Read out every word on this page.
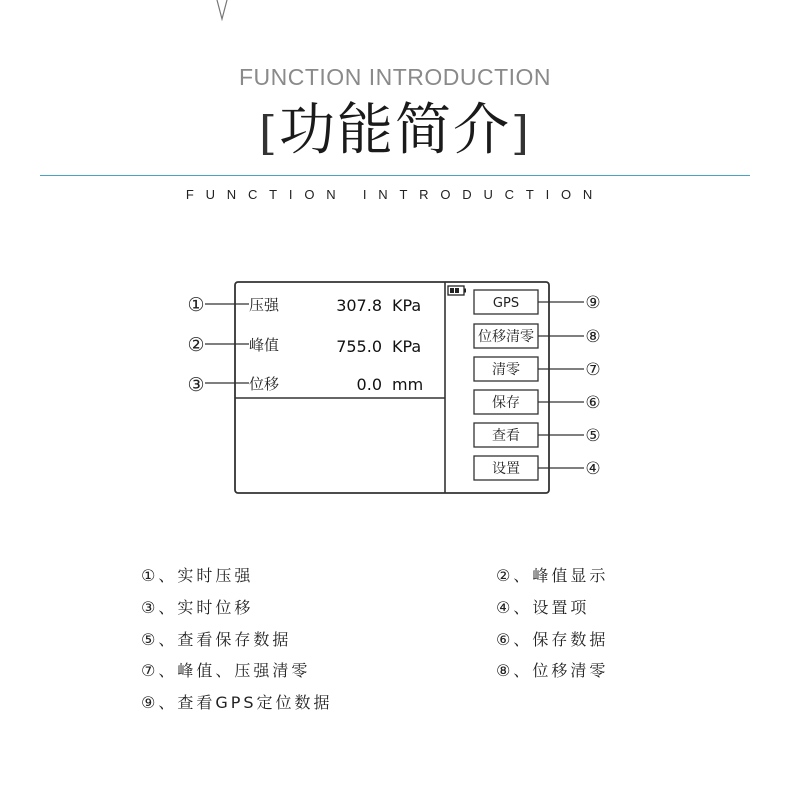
FUNCTION INTRODUCTION
[功能简介]
FUNCTION INTRODUCTION
①	压强	307.8 KPa
②	峰值	755.0 KPa
③	位移	0.0 mm
GPS	⑨
位移清零	⑧
清零	⑦
保存	⑥
查看	⑤
设置	④
①、实时压强	②、峰值显示
③、实时位移	④、设置项
⑤、查看保存数据	⑥、保存数据
⑦、峰值、压强清零	⑧、位移清零
⑨、查看GPS定位数据
